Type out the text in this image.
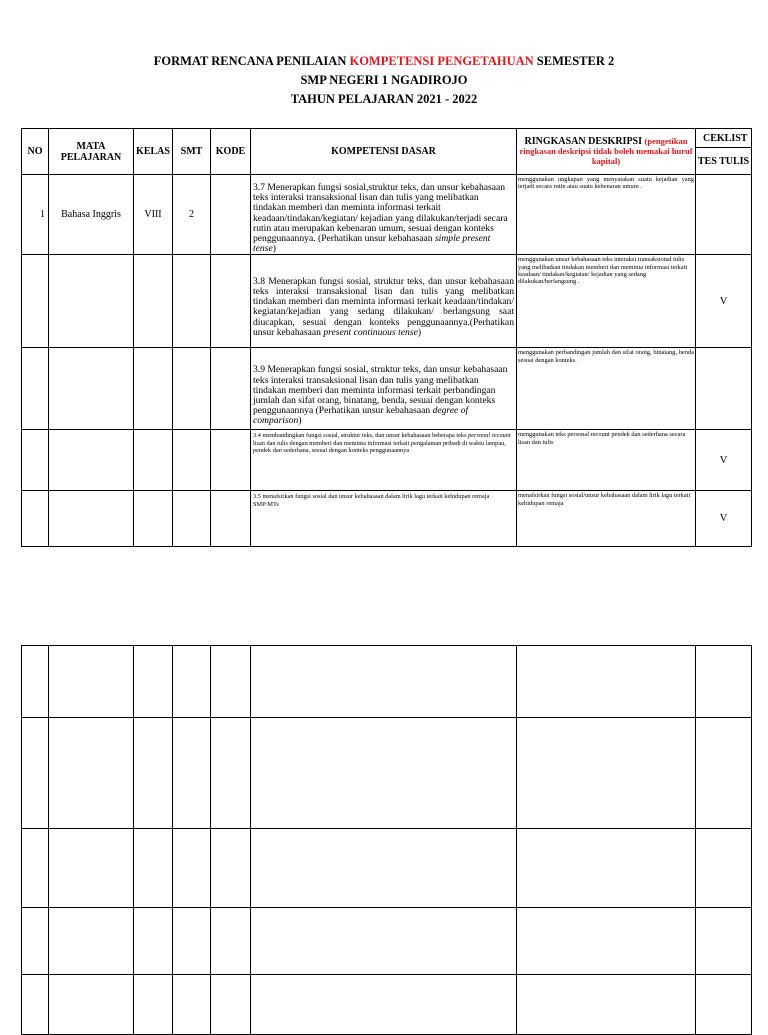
FORMAT RENCANA PENILAIAN KOMPETENSI PENGETAHUAN SEMESTER 2
SMP NEGERI 1 NGADIROJO
TAHUN PELAJARAN 2021 - 2022
NO	MATA PELAJARAN	KELAS	SMT	KODE	KOMPETENSI DASAR	RINGKASAN DESKRIPSI (pengetikan ringkasan deskripsi tidak boleh memakai huruf kapital)	CEKLIST
							TES TULIS
1	Bahasa Inggris	VIII	2		3.7 Menerapkan fungsi sosial,struktur teks, dan unsur kebahasaan teks interaksi transaksional lisan dan tulis yang melibatkan tindakan memberi dan meminta informasi terkait keadaan/tindakan/kegiatan/ kejadian yang dilakukan/terjadi secara rutin atau merupakan kebenaran umum, sesuai dengan konteks penggunaannya. (Perhatikan unsur kebahasaan simple present tense)	menggunakan ungkapan yang menyatakan suatu kejadian yang terjadi secara rutin atau suatu kebenaran umum .	
					3.8 Menerapkan fungsi sosial, struktur teks, dan unsur kebahasaan teks interaksi transaksional lisan dan tulis yang melibatkan tindakan memberi dan meminta informasi terkait keadaan/tindakan/ kegiatan/kejadian yang sedang dilakukan/ berlangsung saat diucapkan, sesuai dengan konteks penggunaannya.(Perhatikan unsur kebahasaan present continuous tense)	menggunakan unsur kebahasaan teks interaksi transaksional tulis yang melibatkan tindakan memberi dan meminta informasi terkait keadaan/ tindakan/kegiatan/ kejadian yang sedang dilakukan/berlangsung .	V
					3.9 Menerapkan fungsi sosial, struktur teks, dan unsur kebahasaan teks interaksi transaksional lisan dan tulis yang melibatkan tindakan memberi dan meminta informasi terkait perbandingan jumlah dan sifat orang, binatang, benda, sesuai dengan konteks penggunaannya (Perhatikan unsur kebahasaan degree of comparison)	menggunakan perbandingan jumlah dan sifat orang, binatang, benda sesuai dengan konteks.	
					3.4 membandingkan fungsi sosial, struktur teks, dan unsur kebahasaan beberapa teks personal recount lisan dan tulis dengan memberi dan meminta informasi terkait pengalaman pribadi di waktu lampau, pendek dan sederhana, sesuai dengan konteks penggunaannya	menggunakan teks personal recount pendek dan sederhana secara lisan dan tulis	V
					3.5 menafsirkan fungsi sosial dan unsur kebahasaan dalam lirik lagu terkait kehidupan remaja SMP/MTs	menafsirkan fungsi sosial/unsur kebahasaan dalam lirik lagu terkait kehidupan remaja	V
